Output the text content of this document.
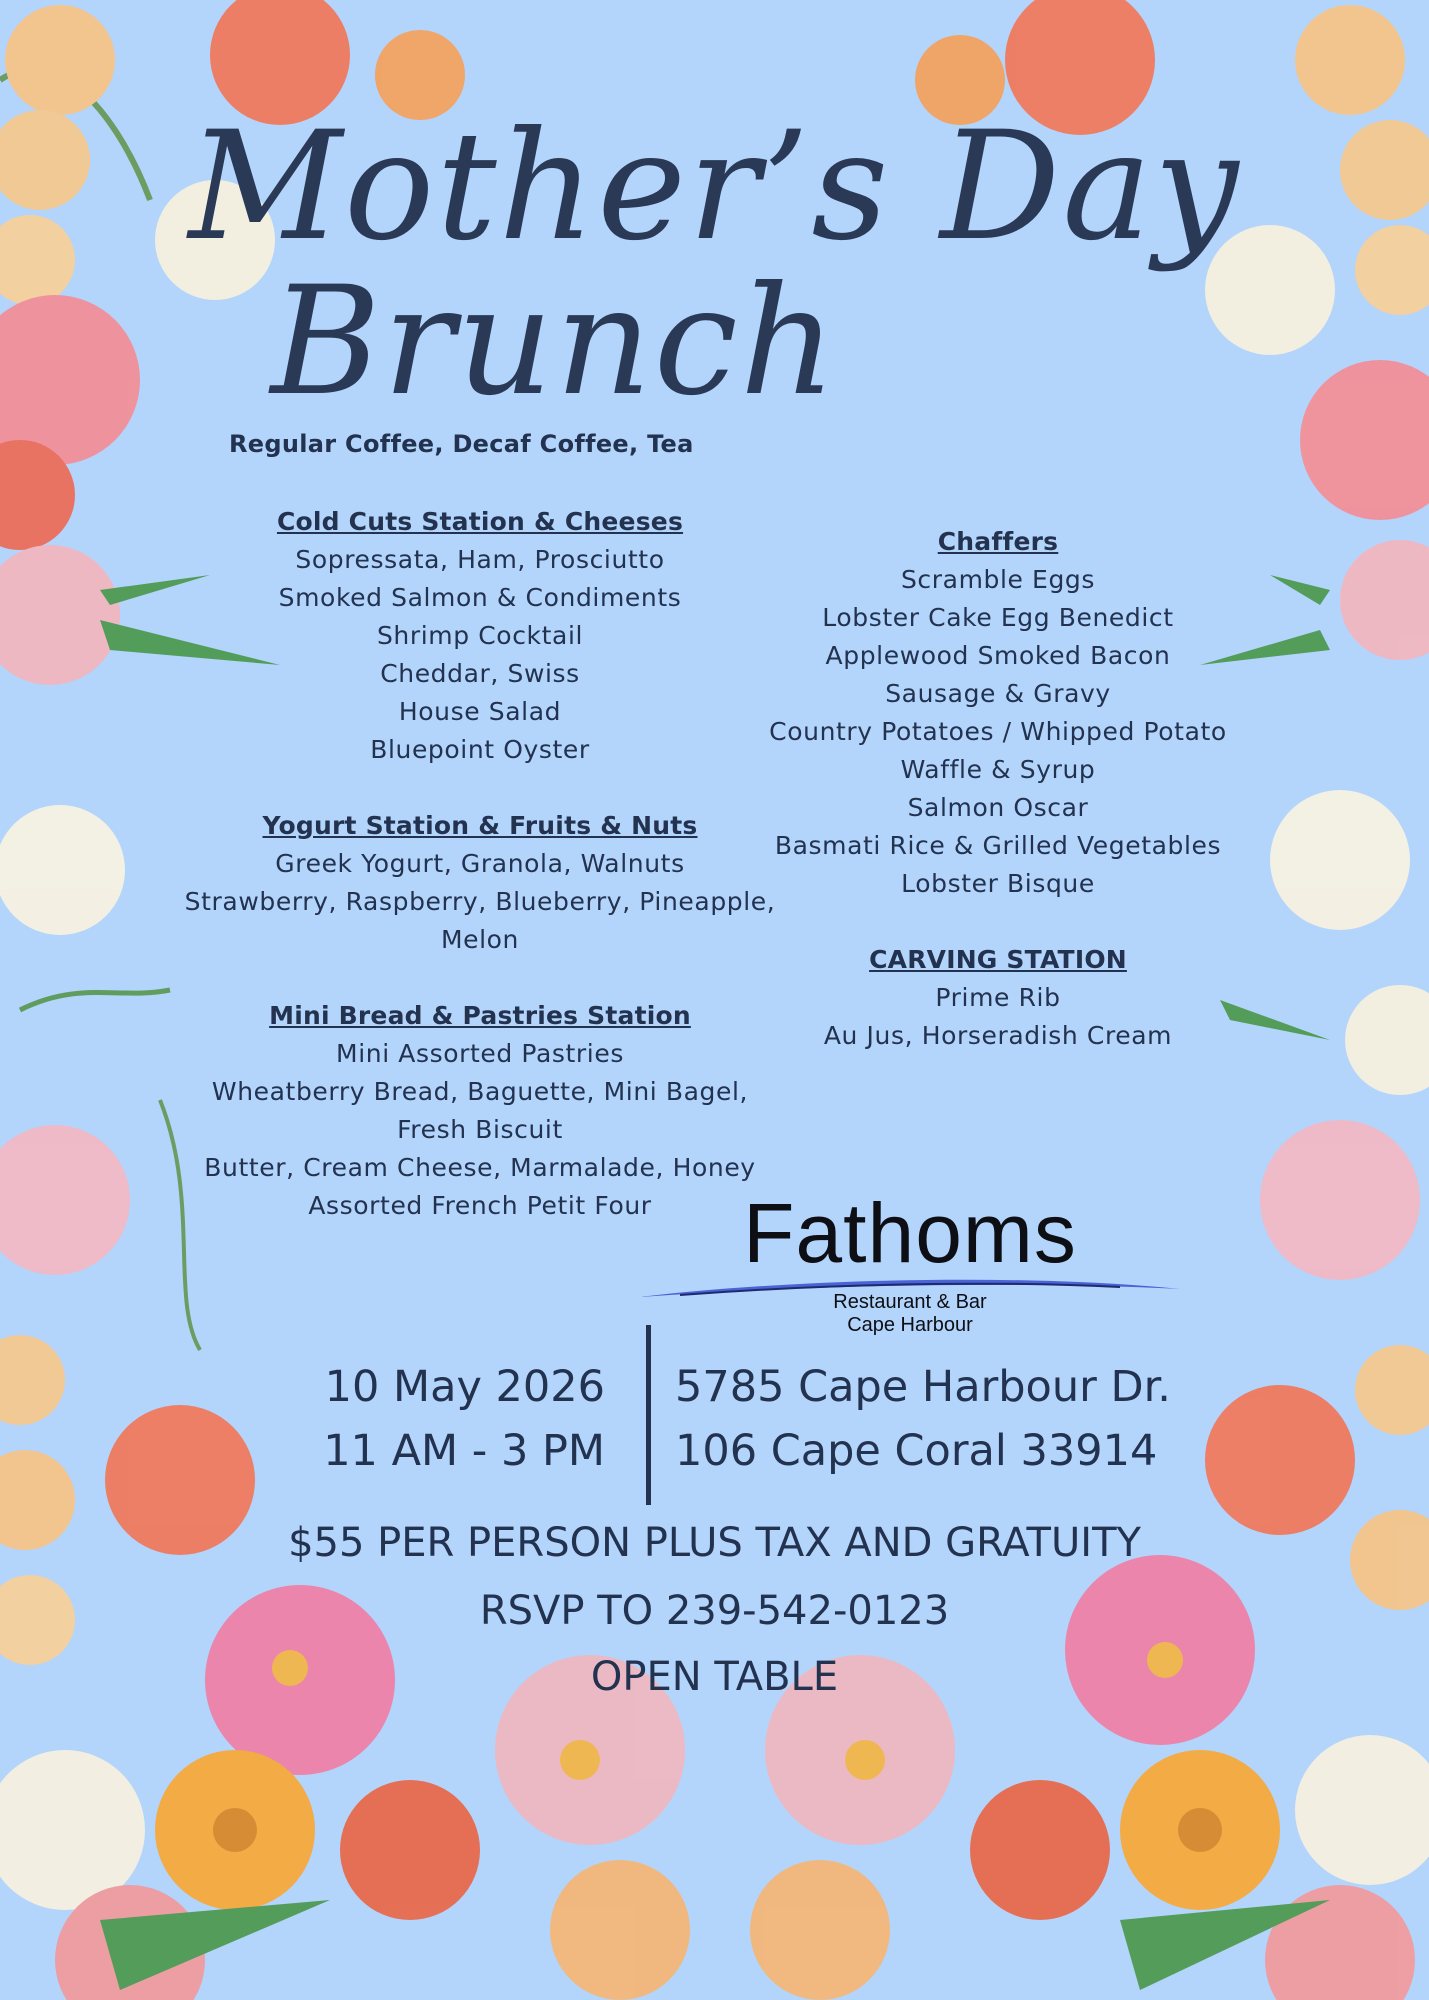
Mother’s Day
Brunch
Regular Coffee, Decaf Coffee, Tea
Cold Cuts Station & Cheeses
Sopressata, Ham, Prosciutto
Smoked Salmon & Condiments
Shrimp Cocktail
Cheddar, Swiss
House Salad
Bluepoint Oyster
Yogurt Station & Fruits & Nuts
Greek Yogurt, Granola, Walnuts
Strawberry, Raspberry, Blueberry, Pineapple,
Melon
Mini Bread & Pastries Station
Mini Assorted Pastries
Wheatberry Bread, Baguette, Mini Bagel,
Fresh Biscuit
Butter, Cream Cheese, Marmalade, Honey
Assorted French Petit Four
Chaffers
Scramble Eggs
Lobster Cake Egg Benedict
Applewood Smoked Bacon
Sausage & Gravy
Country Potatoes / Whipped Potato
Waffle & Syrup
Salmon Oscar
Basmati Rice & Grilled Vegetables
Lobster Bisque
CARVING STATION
Prime Rib
Au Jus, Horseradish Cream
Fathoms
Restaurant & Bar
Cape Harbour
10 May 2026
11 AM - 3 PM
5785 Cape Harbour Dr.
106 Cape Coral 33914
$55 PER PERSON PLUS TAX AND GRATUITY
RSVP TO 239-542-0123
OPEN TABLE
